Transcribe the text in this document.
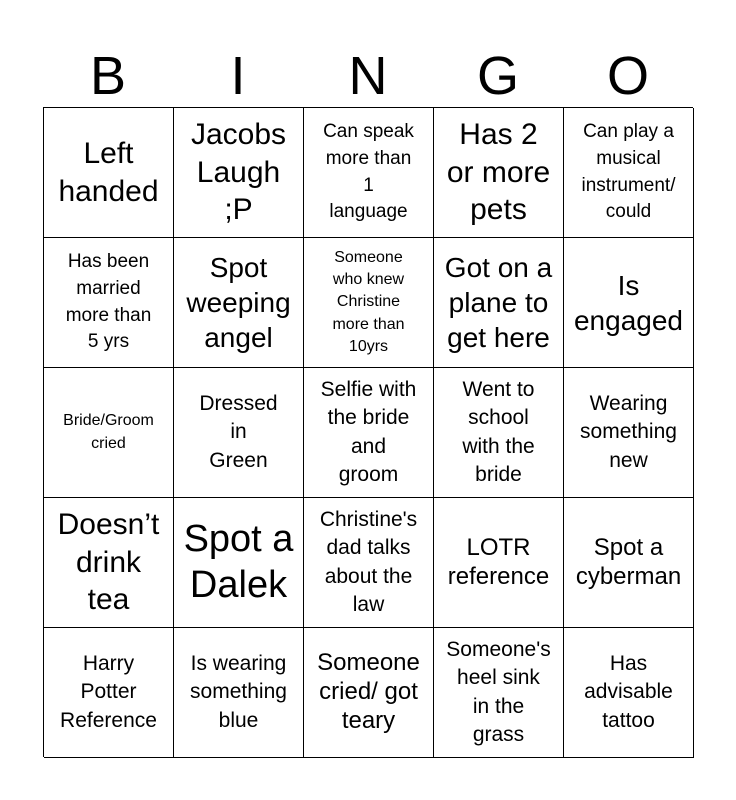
B	I	N	G	O
Left
handed
Jacobs
Laugh
;P
Can speak
more than
1
language
Has 2
or more
pets
Can play a
musical
instrument/
could
Has been
married
more than
5 yrs
Spot
weeping
angel
Someone
who knew
Christine
more than
10yrs
Got on a
plane to
get here
Is
engaged
Bride/Groom
cried
Dressed
in
Green
Selfie with
the bride
and
groom
Went to
school
with the
bride
Wearing
something
new
Doesn’t
drink
tea
Spot a
Dalek
Christine's
dad talks
about the
law
LOTR
reference
Spot a
cyberman
Harry
Potter
Reference
Is wearing
something
blue
Someone
cried/ got
teary
Someone's
heel sink
in the
grass
Has
advisable
tattoo
